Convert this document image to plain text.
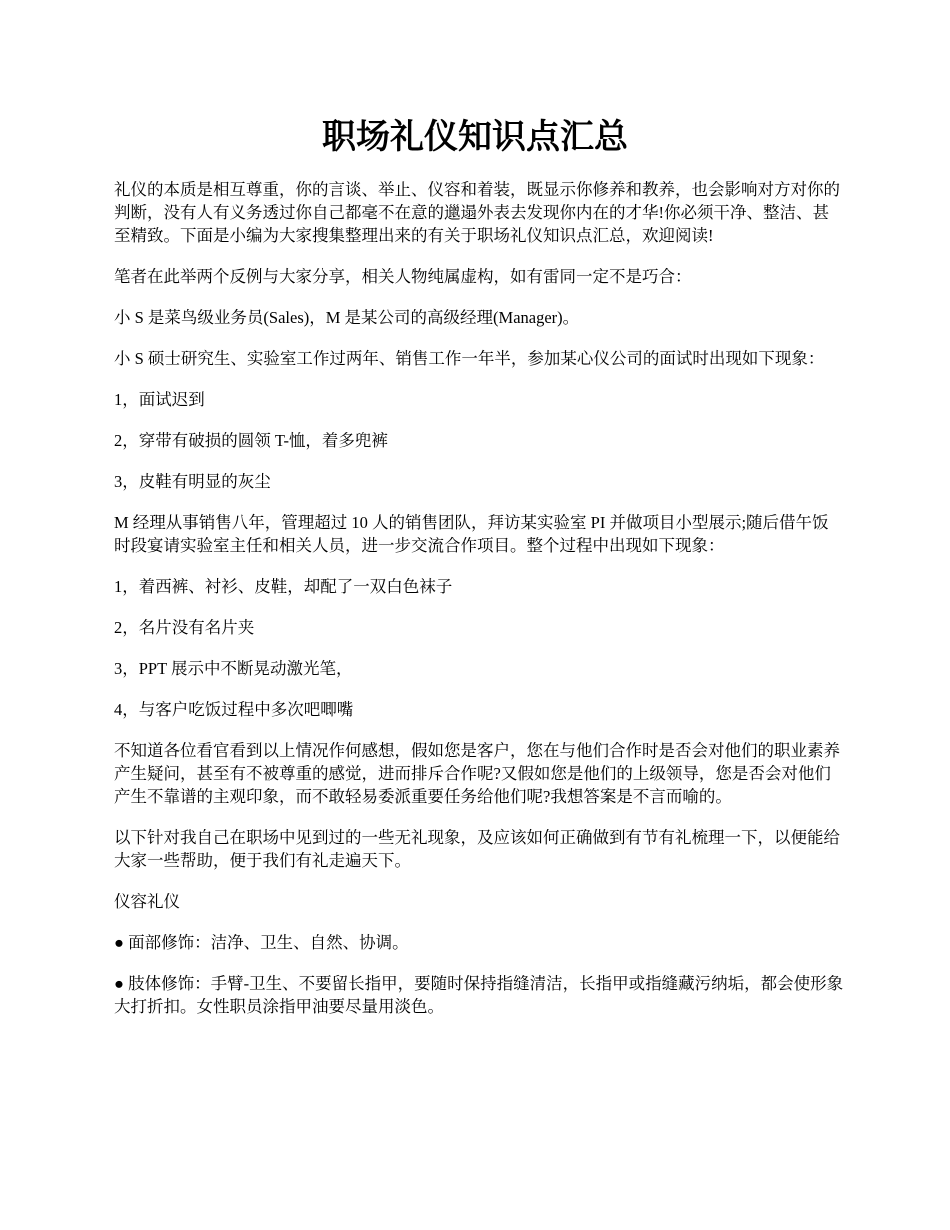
职场礼仪知识点汇总

礼仪的本质是相互尊重，你的言谈、举止、仪容和着装，既显示你修养和教养，也会影响对方对你的判断，没有人有义务透过你自己都毫不在意的邋遢外表去发现你内在的才华!你必须干净、整洁、甚至精致。下面是小编为大家搜集整理出来的有关于职场礼仪知识点汇总，欢迎阅读!

笔者在此举两个反例与大家分享，相关人物纯属虚构，如有雷同一定不是巧合：

小 S 是菜鸟级业务员(Sales)，M 是某公司的高级经理(Manager)。

小 S 硕士研究生、实验室工作过两年、销售工作一年半，参加某心仪公司的面试时出现如下现象：

1，面试迟到

2，穿带有破损的圆领 T-恤，着多兜裤

3，皮鞋有明显的灰尘

M 经理从事销售八年，管理超过 10 人的销售团队，拜访某实验室 PI 并做项目小型展示;随后借午饭时段宴请实验室主任和相关人员，进一步交流合作项目。整个过程中出现如下现象：

1，着西裤、衬衫、皮鞋，却配了一双白色袜子

2，名片没有名片夹

3，PPT 展示中不断晃动激光笔，

4，与客户吃饭过程中多次吧唧嘴

不知道各位看官看到以上情况作何感想，假如您是客户，您在与他们合作时是否会对他们的职业素养产生疑问，甚至有不被尊重的感觉，进而排斥合作呢?又假如您是他们的上级领导，您是否会对他们产生不靠谱的主观印象，而不敢轻易委派重要任务给他们呢?我想答案是不言而喻的。

以下针对我自己在职场中见到过的一些无礼现象，及应该如何正确做到有节有礼梳理一下，以便能给大家一些帮助，便于我们有礼走遍天下。

仪容礼仪

● 面部修饰：洁净、卫生、自然、协调。

● 肢体修饰：手臂-卫生、不要留长指甲，要随时保持指缝清洁，长指甲或指缝藏污纳垢，都会使形象大打折扣。女性职员涂指甲油要尽量用淡色。
